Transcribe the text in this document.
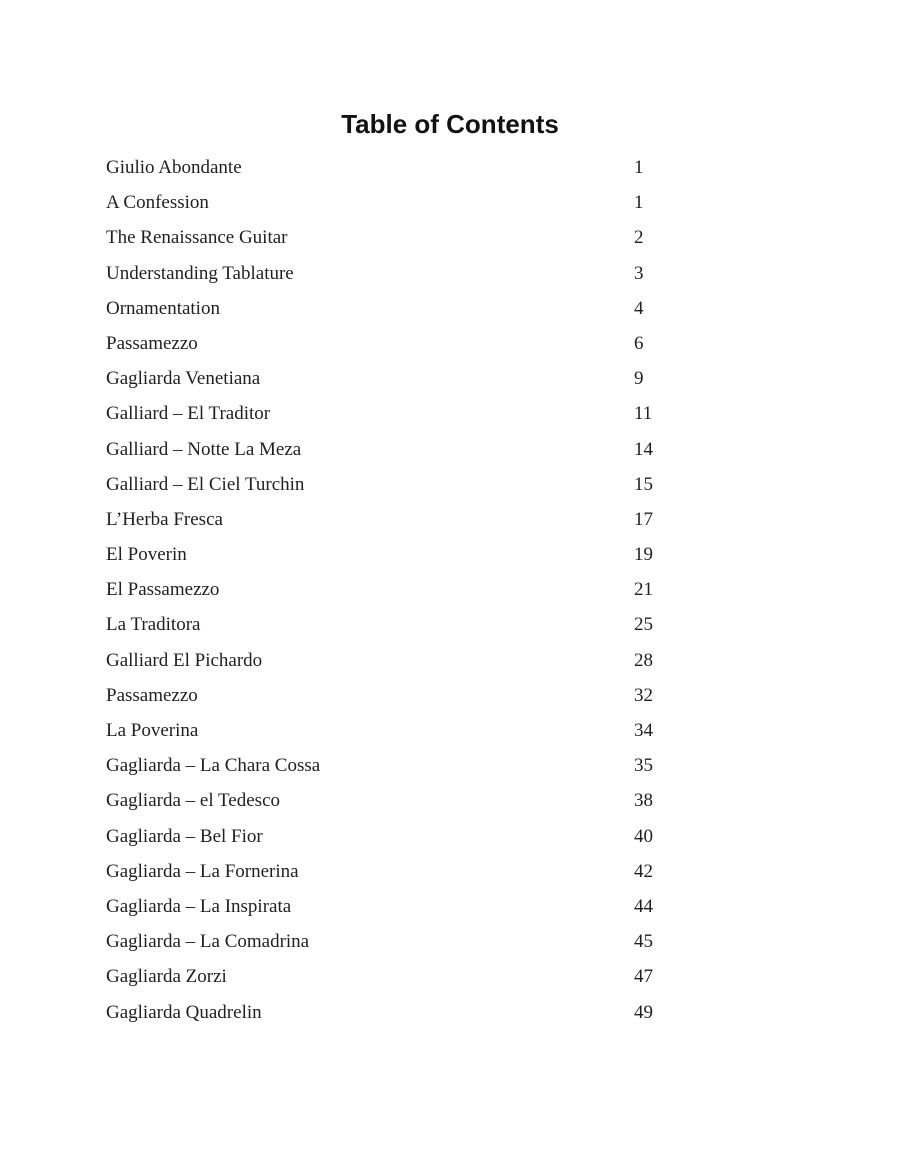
Table of Contents
Giulio Abondante	1
A Confession	1
The Renaissance Guitar	2
Understanding Tablature	3
Ornamentation	4
Passamezzo	6
Gagliarda Venetiana	9
Galliard – El Traditor	11
Galliard – Notte La Meza	14
Galliard – El Ciel Turchin	15
L’Herba Fresca	17
El Poverin	19
El Passamezzo	21
La Traditora	25
Galliard El Pichardo	28
Passamezzo	32
La Poverina	34
Gagliarda – La Chara Cossa	35
Gagliarda – el Tedesco	38
Gagliarda – Bel Fior	40
Gagliarda – La Fornerina	42
Gagliarda – La Inspirata	44
Gagliarda – La Comadrina	45
Gagliarda Zorzi	47
Gagliarda Quadrelin	49
